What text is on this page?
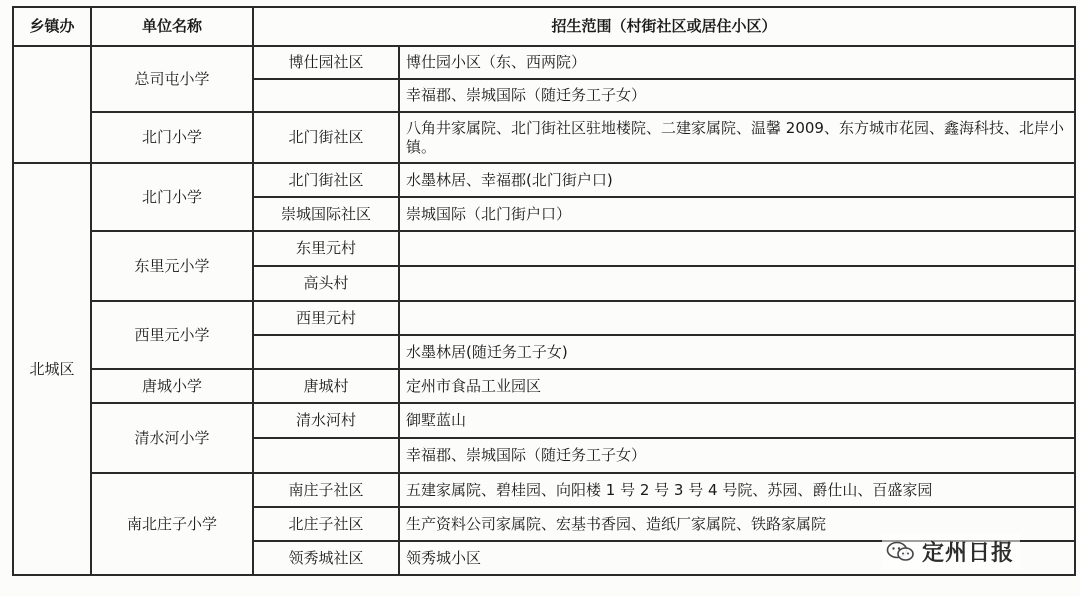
乡镇办	单位名称	招生范围（村街社区或居住小区）	
	总司屯小学	博仕园社区	博仕园小区（东、西两院）
			幸福郡、崇城国际（随迁务工子女）
	北门小学	北门街社区	八角井家属院、北门街社区驻地楼院、二建家属院、温馨 2009、东方城市花园、鑫海科技、北岸小镇。
北城区	北门小学	北门街社区	水墨林居、幸福郡(北门街户口)
		崇城国际社区	崇城国际（北门街户口）
	东里元小学	东里元村	
		高头村	
	西里元小学	西里元村	
			水墨林居(随迁务工子女)
	唐城小学	唐城村	定州市食品工业园区
	清水河小学	清水河村	御墅蓝山
			幸福郡、崇城国际（随迁务工子女）
	南北庄子小学	南庄子社区	五建家属院、碧桂园、向阳楼 1 号 2 号 3 号 4 号院、苏园、爵仕山、百盛家园
		北庄子社区	生产资料公司家属院、宏基书香园、造纸厂家属院、铁路家属院
		领秀城社区	领秀城小区	定州日报
